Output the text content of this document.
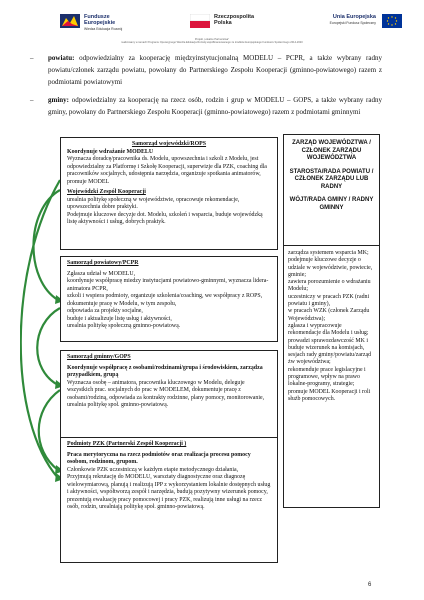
Fundusze
Europejskie
Wiedza Edukacja Rozwój
Rzeczpospolita
Polska
Unia Europejska
Europejski Fundusz Społeczny
Projekt „Lokalne Partnerstwa”
realizowany w ramach Programu Operacyjnego Wiedza Edukacja Rozwój współfinansowanego ze środków Europejskiego Funduszu Społecznego 2014-2020
– powiatu: odpowiedzialny za kooperację międzyinstytucjonalną MODELU – PCPR, a także wybrany radny powiatu/członek zarządu powiatu, powołany do Partnerskiego Zespołu Kooperacji (gminno-powiatowego) razem z podmiotami powiatowymi
– gminy: odpowiedzialny za kooperację na rzecz osób, rodzin i grup w MODELU – GOPS, a także wybrany radny gminy, powołany do Partnerskiego Zespołu Kooperacji (gminno-powiatowego) razem z podmiotami gminnymi
Samorząd wojewódzki/ROPS
Koordynuje wdrażanie MODELU
Wyznacza doradcę/pracownika ds. Modelu, upowszechnia i szkoli z Modelu, jest odpowiedzialny za Platformę i Szkołę Kooperacji, superwizje dla PZK, coaching dla pracowników socjalnych, udostępnia narzędzia, organizuje spotkania animatorów, promuje MODEL
Wojewódzki Zespół Kooperacji
urealnia politykę społeczną w województwie, opracowuje rekomendacje, upowszechnia dobre praktyki.
Podejmuje kluczowe decyzje dot. Modelu, szkoleń i wsparcia, buduje wojewódzką listę aktywności i usług, dobrych praktyk.
Samorząd powiatowy/PCPR
Zgłasza udział w MODELU,
koordynuje współpracę miedzy instytucjami powiatowo-gminnymi, wyznacza lidera-animatora PCPR,
szkoli i wspiera podmioty, organizuje szkolenia/coaching, we współpracy z ROPS,
dokumentuje pracę w Modelu, w tym zespołu,
odpowiada za projekty socjalne,
buduje i aktualizuje listę usług i aktywności,
urealnia politykę społeczną gminno-powiatową.
Samorząd gminny/GOPS
Koordynuje współpracę z osobami/rodzinami/grupa i środowiskiem, zarządza przypadkiem, grupą
Wyznacza osobę – animatora, pracownika kluczowego w Modelu, deleguje wszystkich prac. socjalnych do prac w MODELEM, dokumentuje pracę z osobami/rodziną, odpowiada za kontrakty rodzinne, plany pomocy, monitorowanie, urealnia politykę społ. gminno-powiatową.
Podmioty PZK (Partnerski Zespół Kooperacji )
Praca merytoryczna na rzecz podmiotów oraz realizacja procesu pomocy osobom, rodzinom, grupom.
Członkowie PZK uczestniczą w każdym etapie metodycznego działania,
Przyjmują rekrutację do MODELU, warsztaty diagnostyczne oraz diagnozę wielowymiarową, planują i realizują IPP z wykorzystaniem lokalnie dostępnych usług i aktywności, współtworzą zespół i narzędzia, budują pozytywny wizerunek pomocy, prezentują ewaluację pracy pomocowej i pracy PZK, realizują inne usługi na rzecz osób, rodzin, urealniają politykę społ. gminno-powiatową.
ZARZĄD WOJEWÓDZTWA / CZŁONEK ZARZĄDU WOJEWÓDZTWA
STAROSTA/RADA POWIATU / CZŁONEK ZARZĄDU LUB RADNY
WÓJT/RADA GMINY / RADNY GMINNY
zarządza systemem wsparcia MK;
podejmuje kluczowe decyzje o udziale w województwie, powiecie, gminie;
zawiera porozumienie o wdrażaniu Modelu;
uczestniczy w pracach PZK (radni powiatu i gminy),
w pracach WZK (członek Zarządu Województwa);
zgłasza i wypracowuje rekomendacje dla Modelu i usług;
prowadzi sprawozdawczość MK i buduje wizerunek na komisjach, sesjach rady gminy/powiatu/zarząd
żw województwa;
rekomenduje prace legislacyjne i programowe, wpływ na prawo lokalne-programy, strategie;
promuje MODEL Kooperacji i roli służb pomocowych.
6
